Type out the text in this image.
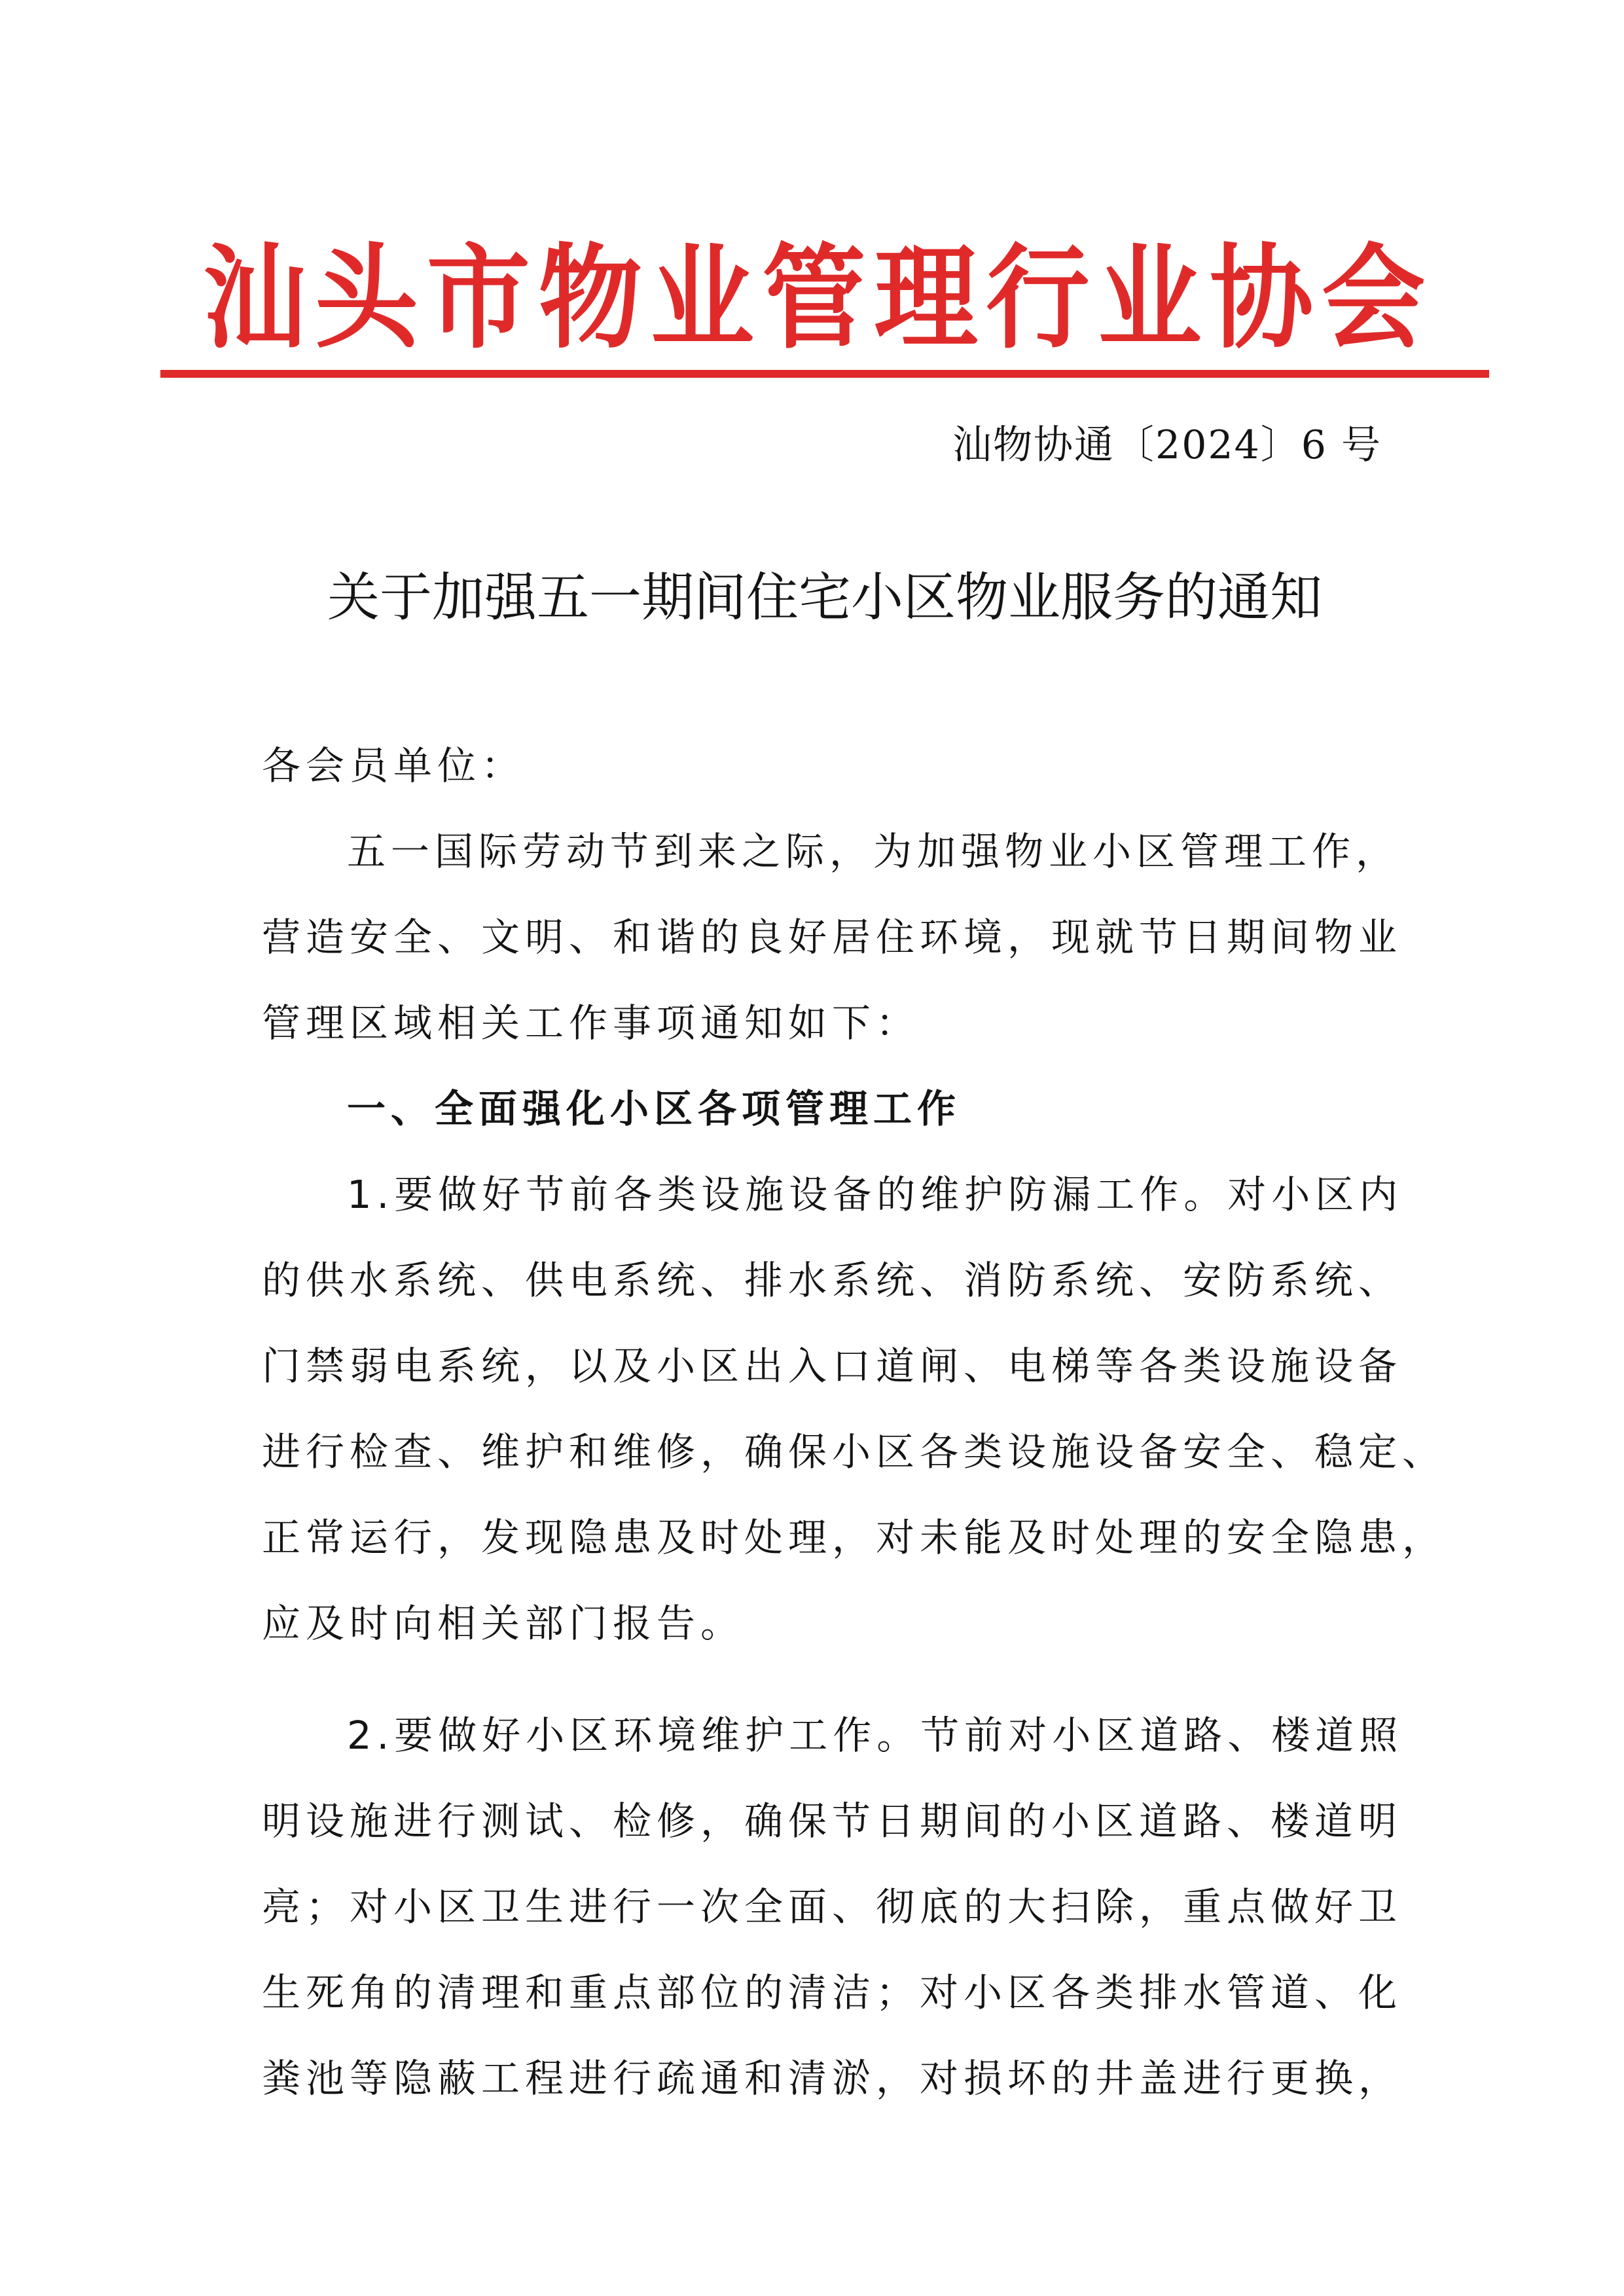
汕头市物业管理行业协会
汕物协通〔2024〕6 号
关于加强五一期间住宅小区物业服务的通知
各会员单位：
五一国际劳动节到来之际，为加强物业小区管理工作，
营造安全、文明、和谐的良好居住环境，现就节日期间物业
管理区域相关工作事项通知如下：
一、全面强化小区各项管理工作
1.要做好节前各类设施设备的维护防漏工作。对小区内
的供水系统、供电系统、排水系统、消防系统、安防系统、
门禁弱电系统，以及小区出入口道闸、电梯等各类设施设备
进行检查、维护和维修，确保小区各类设施设备安全、稳定、
正常运行，发现隐患及时处理，对未能及时处理的安全隐患，
应及时向相关部门报告。
2.要做好小区环境维护工作。节前对小区道路、楼道照
明设施进行测试、检修，确保节日期间的小区道路、楼道明
亮；对小区卫生进行一次全面、彻底的大扫除，重点做好卫
生死角的清理和重点部位的清洁；对小区各类排水管道、化
粪池等隐蔽工程进行疏通和清淤，对损坏的井盖进行更换，
